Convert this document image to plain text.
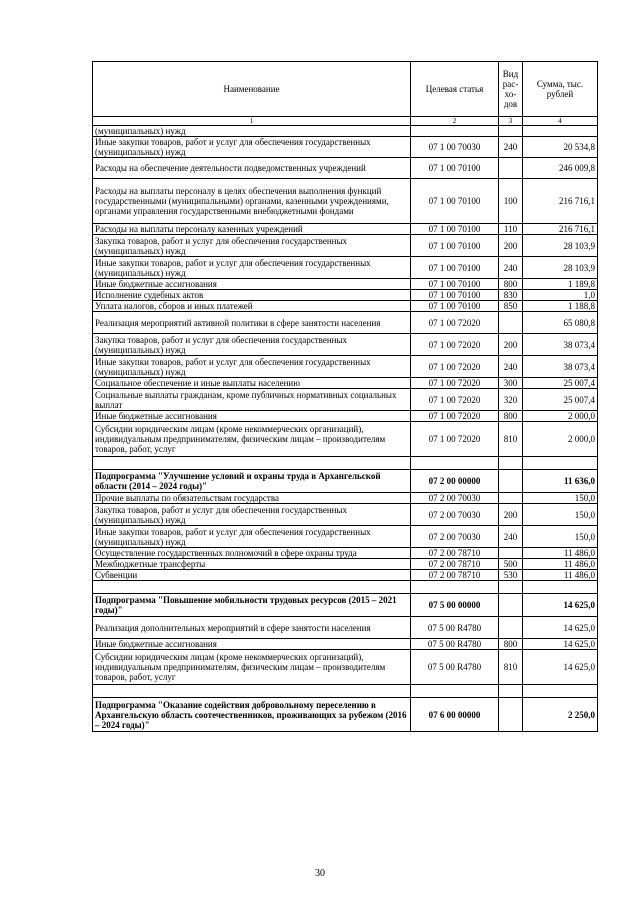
Наименование	Целевая статья	Вид рас- хо- дов	Сумма, тыс. рублей
1	2	3	4
(муниципальных) нужд			
Иные закупки товаров, работ и услуг для обеспечения государственных (муниципальных) нужд	07 1 00 70030	240	20 534,8
Расходы на обеспечение деятельности подведомственных учреждений	07 1 00 70100		246 009,8
Расходы на выплаты персоналу в целях обеспечения выполнения функций государственными (муниципальными) органами, казенными учреждениями, органами управления государственными внебюджетными фондами	07 1 00 70100	100	216 716,1
Расходы на выплаты персоналу казенных учреждений	07 1 00 70100	110	216 716,1
Закупка товаров, работ и услуг для обеспечения государственных (муниципальных) нужд	07 1 00 70100	200	28 103,9
Иные закупки товаров, работ и услуг для обеспечения государственных (муниципальных) нужд	07 1 00 70100	240	28 103,9
Иные бюджетные ассигнования	07 1 00 70100	800	1 189,8
Исполнение судебных актов	07 1 00 70100	830	1,0
Уплата налогов, сборов и иных платежей	07 1 00 70100	850	1 188,8
Реализация мероприятий активной политики в сфере занятости населения	07 1 00 72020		65 080,8
Закупка товаров, работ и услуг для обеспечения государственных (муниципальных) нужд	07 1 00 72020	200	38 073,4
Иные закупки товаров, работ и услуг для обеспечения государственных (муниципальных) нужд	07 1 00 72020	240	38 073,4
Социальное обеспечение и иные выплаты населению	07 1 00 72020	300	25 007,4
Социальные выплаты гражданам, кроме публичных нормативных социальных выплат	07 1 00 72020	320	25 007,4
Иные бюджетные ассигнования	07 1 00 72020	800	2 000,0
Субсидии юридическим лицам (кроме некоммерческих организаций), индивидуальным предпринимателям, физическим лицам – производителям товаров, работ, услуг	07 1 00 72020	810	2 000,0

Подпрограмма "Улучшение условий и охраны труда в Архангельской области (2014 – 2024 годы)"	07 2 00 00000		11 636,0
Прочие выплаты по обязательствам государства	07 2 00 70030		150,0
Закупка товаров, работ и услуг для обеспечения государственных (муниципальных) нужд	07 2 00 70030	200	150,0
Иные закупки товаров, работ и услуг для обеспечения государственных (муниципальных) нужд	07 2 00 70030	240	150,0
Осуществление государственных полномочий в сфере охраны труда	07 2 00 78710		11 486,0
Межбюджетные трансферты	07 2 00 78710	500	11 486,0
Субвенции	07 2 00 78710	530	11 486,0

Подпрограмма "Повышение мобильности трудовых ресурсов (2015 – 2021 годы)"	07 5 00 00000		14 625,0
Реализация дополнительных мероприятий в сфере занятости населения	07 5 00 R4780		14 625,0
Иные бюджетные ассигнования	07 5 00 R4780	800	14 625,0
Субсидии юридическим лицам (кроме некоммерческих организаций), индивидуальным предпринимателям, физическим лицам – производителям товаров, работ, услуг	07 5 00 R4780	810	14 625,0

Подпрограмма "Оказание содействия добровольному переселению в Архангельскую область соотечественников, проживающих за рубежом (2016 – 2024 годы)"	07 6 00 00000		2 250,0
30
